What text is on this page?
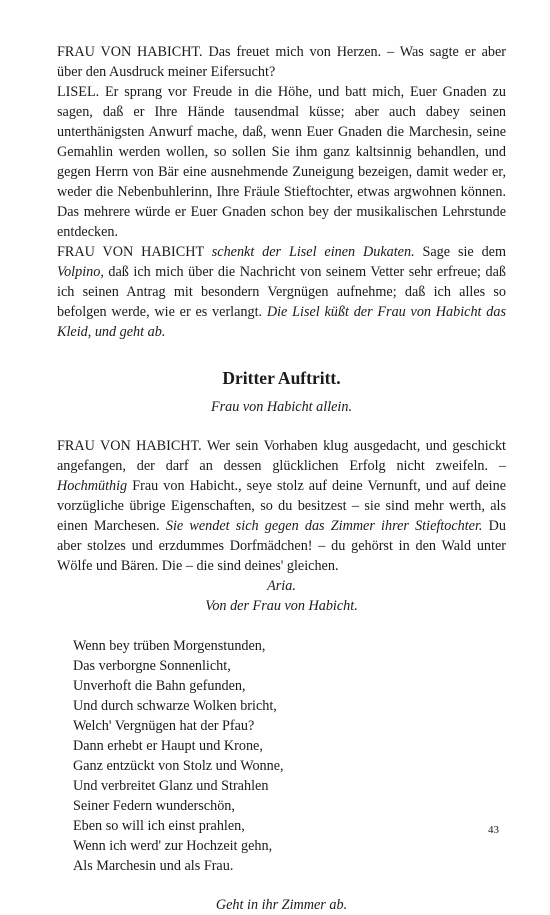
FRAU VON HABICHT. Das freuet mich von Herzen. – Was sagte er aber über den Ausdruck meiner Eifersucht?

LISEL. Er sprang vor Freude in die Höhe, und batt mich, Euer Gnaden zu sagen, daß er Ihre Hände tausendmal küsse; aber auch dabey seinen unterthänigsten Anwurf mache, daß, wenn Euer Gnaden die Marchesin, seine Gemahlin werden wollen, so sollen Sie ihm ganz kaltsinnig behandlen, und gegen Herrn von Bär eine ausnehmende Zuneigung bezeigen, damit weder er, weder die Nebenbuhlerinn, Ihre Fräule Stieftochter, etwas argwohnen können. Das mehrere würde er Euer Gnaden schon bey der musikalischen Lehrstunde entdecken.

FRAU VON HABICHT schenkt der Lisel einen Dukaten. Sage sie dem Volpino, daß ich mich über die Nachricht von seinem Vetter sehr erfreue; daß ich seinen Antrag mit besondern Vergnügen aufnehme; daß ich alles so befolgen werde, wie er es verlangt. Die Lisel küßt der Frau von Habicht das Kleid, und geht ab.

Dritter Auftritt.
Frau von Habicht allein.

FRAU VON HABICHT. Wer sein Vorhaben klug ausgedacht, und geschickt angefangen, der darf an dessen glücklichen Erfolg nicht zweifeln. – Hochmüthig Frau von Habicht., seye stolz auf deine Vernunft, und auf deine vorzügliche übrige Eigenschaften, so du besitzest – sie sind mehr werth, als einen Marchesen. Sie wendet sich gegen das Zimmer ihrer Stieftochter. Du aber stolzes und erzdummes Dorfmädchen! – du gehörst in den Wald unter Wölfe und Bären. Die – die sind deines' gleichen.

Aria.
Von der Frau von Habicht.
Wenn bey trüben Morgenstunden,
Das verborgne Sonnenlicht,
Unverhoft die Bahn gefunden,
Und durch schwarze Wolken bricht,
Welch' Vergnügen hat der Pfau?
Dann erhebt er Haupt und Krone,
Ganz entzückt von Stolz und Wonne,
Und verbreitet Glanz und Strahlen
Seiner Federn wunderschön,
Eben so will ich einst prahlen,
Wenn ich werd' zur Hochzeit gehn,
Als Marchesin und als Frau.
Geht in ihr Zimmer ab.
43
